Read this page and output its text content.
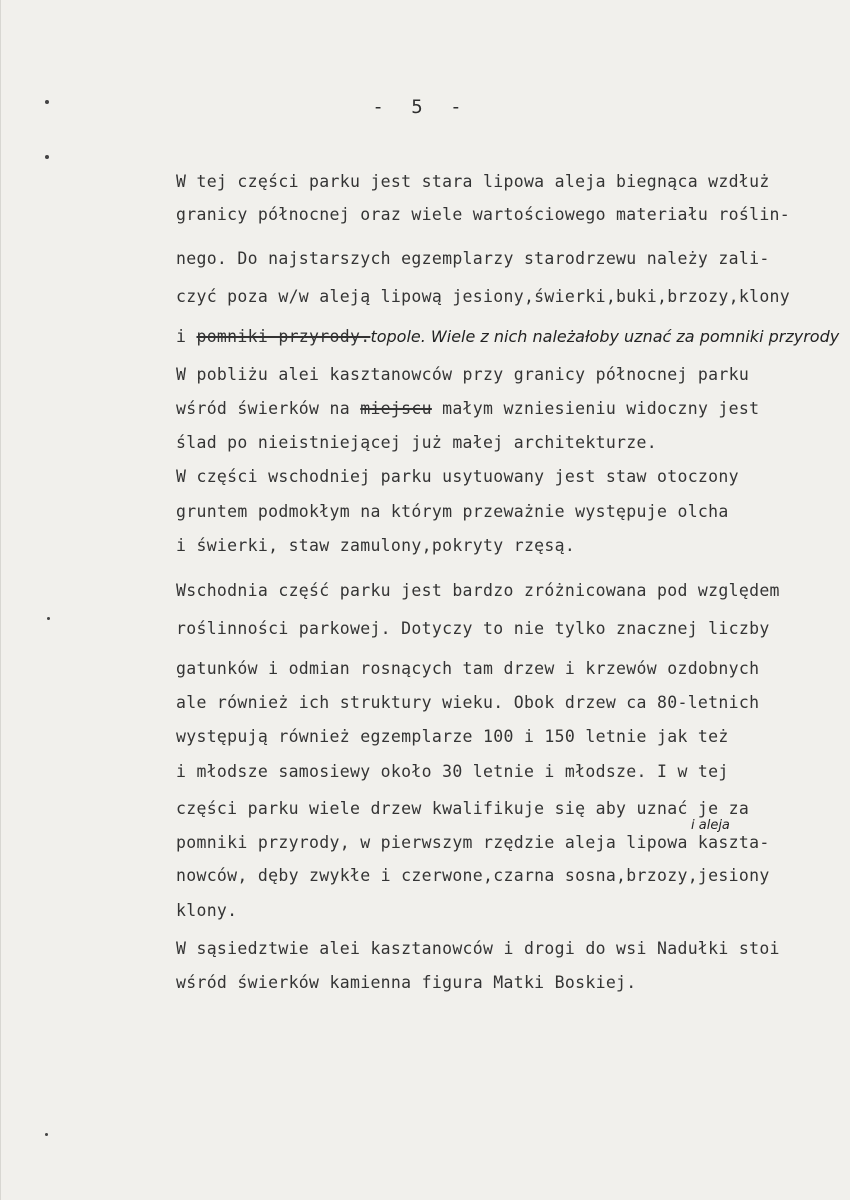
- 5 -
W tej części parku jest stara lipowa aleja biegnąca wzdłuż
granicy północnej oraz wiele wartościowego materiału roślin-
nego. Do najstarszych egzemplarzy starodrzewu należy zali-
czyć poza w/w aleją lipową jesiony,świerki,buki,brzozy,klony
i pomniki przyrody.topole. Wiele z nich należałoby uznać za pomniki przyrody
W pobliżu alei kasztanowców przy granicy północnej parku
wśród świerków na miejscu małym wzniesieniu widoczny jest
ślad po nieistniejącej już małej architekturze.
W części wschodniej parku usytuowany jest staw otoczony
gruntem podmokłym na którym przeważnie występuje olcha
i świerki, staw zamulony,pokryty rzęsą.
Wschodnia część parku jest bardzo zróżnicowana pod względem
roślinności parkowej. Dotyczy to nie tylko znacznej liczby
gatunków i odmian rosnących tam drzew i krzewów ozdobnych
ale również ich struktury wieku. Obok drzew ca 80-letnich
występują również egzemplarze 100 i 150 letnie jak też
i młodsze samosiewy około 30 letnie i młodsze. I w tej
części parku wiele drzew kwalifikuje się aby uznać je za
i aleja
pomniki przyrody, w pierwszym rzędzie aleja lipowa kaszta-
nowców, dęby zwykłe i czerwone,czarna sosna,brzozy,jesiony
klony.
W sąsiedztwie alei kasztanowców i drogi do wsi Nadułki stoi
wśród świerków kamienna figura Matki Boskiej.
